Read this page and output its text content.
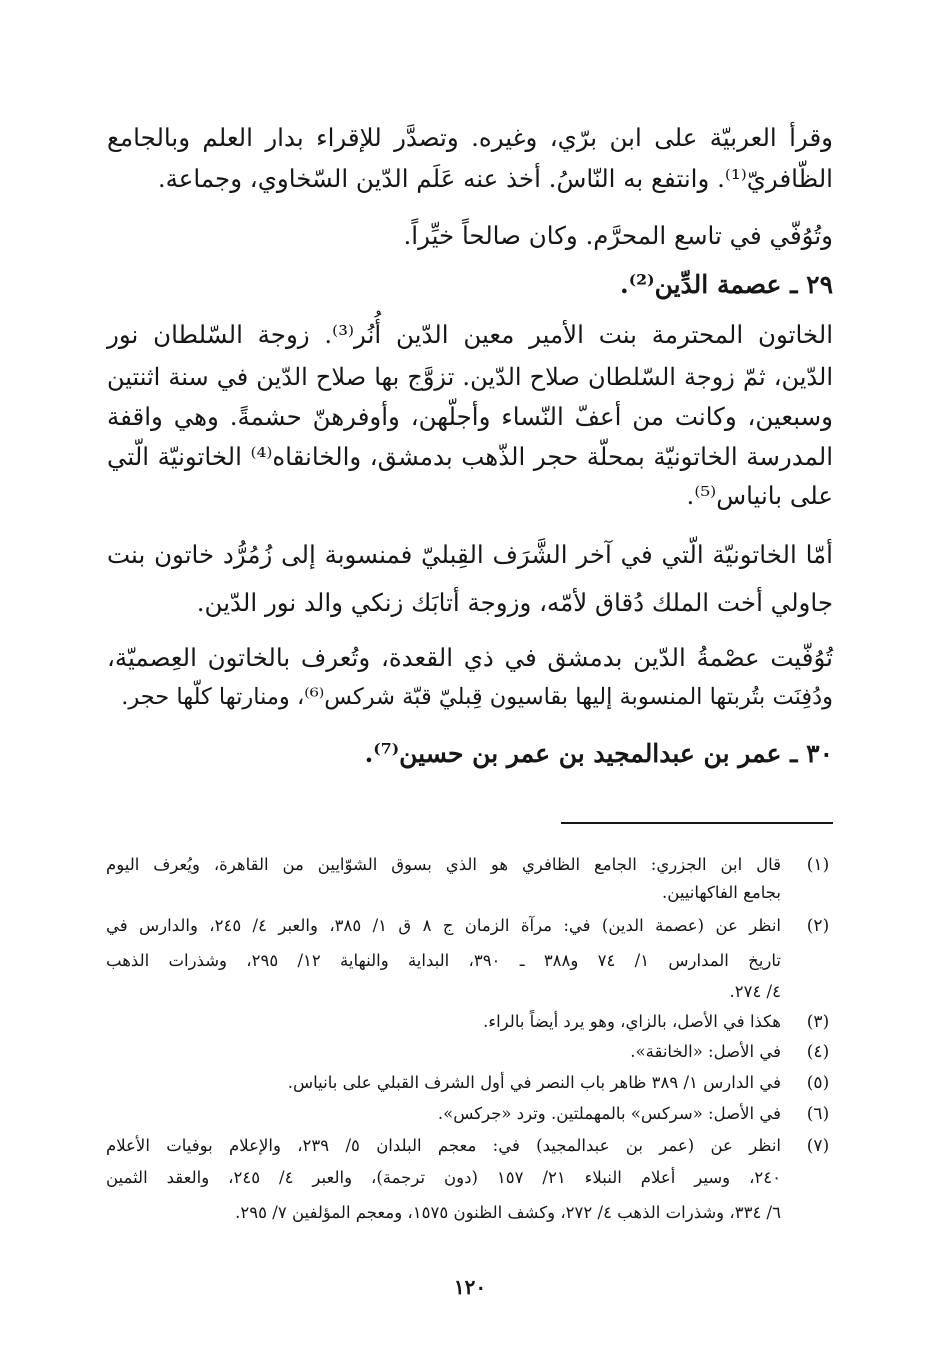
وقرأ العربيّة على ابن برّي، وغيره. وتصدَّر للإقراء بدار العلم وبالجامع
الظّافريّ⁽¹⁾. وانتفع به النّاسُ. أخذ عنه عَلَم الدّين السّخاوي، وجماعة.
وتُوُفّي في تاسع المحرَّم. وكان صالحاً خيِّراً.
٢٩ ـ عصمة الدِّين⁽²⁾.
الخاتون المحترمة بنت الأمير معين الدّين أُنُر⁽³⁾. زوجة السّلطان نور
الدّين، ثمّ زوجة السّلطان صلاح الدّين. تزوَّج بها صلاح الدّين في سنة اثنتين
وسبعين، وكانت من أعفّ النّساء وأجلّهن، وأوفرهنّ حشمةً. وهي واقفة
المدرسة الخاتونيّة بمحلّة حجر الذّهب بدمشق، والخانقاه⁽⁴⁾ الخاتونيّة الّتي
على بانياس⁽⁵⁾.
أمّا الخاتونيّة الّتي في آخر الشَّرَف القِبليّ فمنسوبة إلى زُمُرُّد خاتون بنت
جاولي أخت الملك دُقاق لأمّه، وزوجة أتابَك زنكي والد نور الدّين.
تُوُفّيت عصْمةُ الدّين بدمشق في ذي القعدة، وتُعرف بالخاتون العِصميّة،
ودُفِنَت بتُربتها المنسوبة إليها بقاسيون قِبليّ قبّة شركس⁽⁶⁾، ومنارتها كلّها حجر.
٣٠ ـ عمر بن عبدالمجيد بن عمر بن حسين⁽⁷⁾.
(١)
قال ابن الجزري: الجامع الظافري هو الذي بسوق الشوّايين من القاهرة، ويُعرف اليوم
بجامع الفاكهانيين.
(٢)
انظر عن (عصمة الدين) في: مرآة الزمان ج ٨ ق ١/ ٣٨٥، والعبر ٤/ ٢٤٥، والدارس في
تاريخ المدارس ١/ ٧٤ و٣٨٨ ـ ٣٩٠، البداية والنهاية ١٢/ ٢٩٥، وشذرات الذهب
٤/ ٢٧٤.
(٣)
هكذا في الأصل، بالزاي، وهو يرد أيضاً بالراء.
(٤)
في الأصل: «الخانقة».
(٥)
في الدارس ١/ ٣٨٩ ظاهر باب النصر في أول الشرف القبلي على بانياس.
(٦)
في الأصل: «سركس» بالمهملتين. وترد «جركس».
(٧)
انظر عن (عمر بن عبدالمجيد) في: معجم البلدان ٥/ ٢٣٩، والإعلام بوفيات الأعلام
٢٤٠، وسير أعلام النبلاء ٢١/ ١٥٧ (دون ترجمة)، والعبر ٤/ ٢٤٥، والعقد الثمين
٦/ ٣٣٤، وشذرات الذهب ٤/ ٢٧٢، وكشف الظنون ١٥٧٥، ومعجم المؤلفين ٧/ ٢٩٥.
١٢٠
